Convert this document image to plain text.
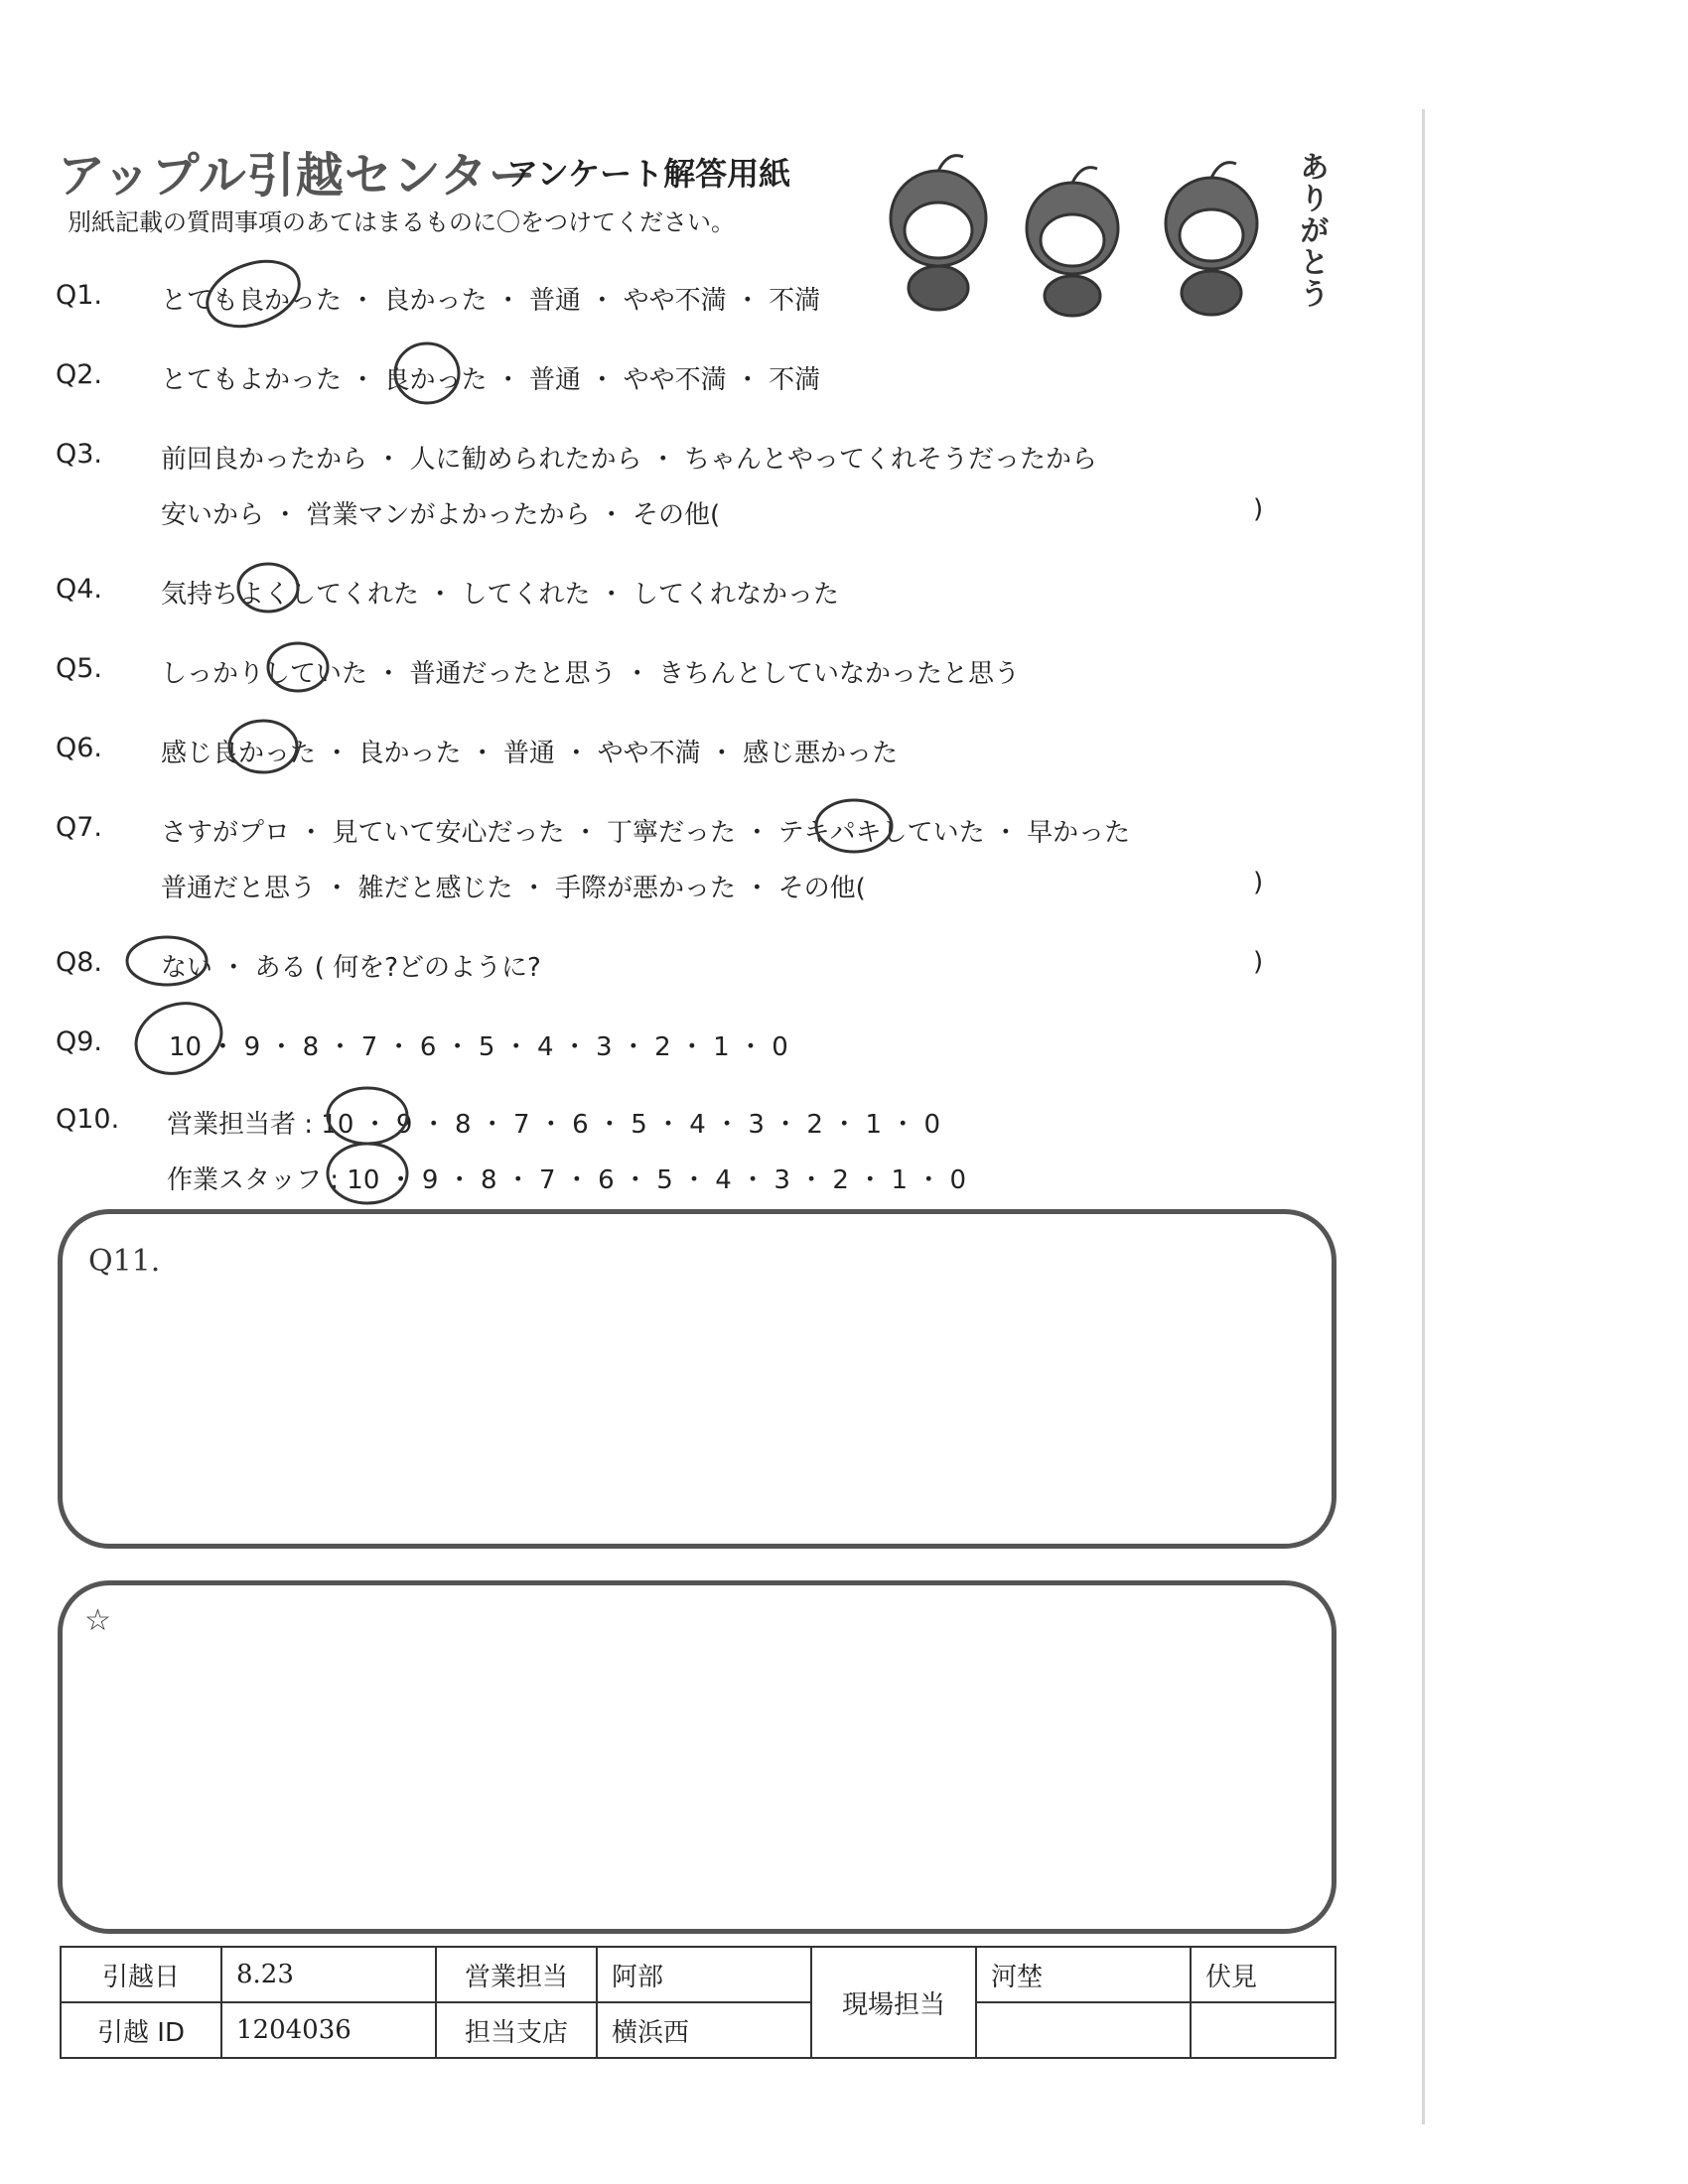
アップル引越センター
アンケート解答用紙
別紙記載の質問事項のあてはまるものに〇をつけてください。	ありがとう
Q1. とても良かった ・ 良かった ・ 普通 ・ やや不満 ・ 不満
Q2. とてもよかった ・ 良かった ・ 普通 ・ やや不満 ・ 不満
Q3. 前回良かったから ・ 人に勧められたから ・ ちゃんとやってくれそうだったから
安いから ・ 営業マンがよかったから ・ その他(	)
Q4. 気持ちよくしてくれた ・ してくれた ・ してくれなかった
Q5. しっかりしていた ・ 普通だったと思う ・ きちんとしていなかったと思う
Q6. 感じ良かった ・ 良かった ・ 普通 ・ やや不満 ・ 感じ悪かった
Q7. さすがプロ ・ 見ていて安心だった ・ 丁寧だった ・ テキパキしていた ・ 早かった
普通だと思う ・ 雑だと感じた ・ 手際が悪かった ・ その他(	)
Q8. ない ・ ある ( 何を?どのように?	)
Q9.	10 ・ 9 ・ 8 ・ 7 ・ 6 ・ 5 ・ 4 ・ 3 ・ 2 ・ 1 ・ 0
Q10. 営業担当者 : 10 ・ 9 ・ 8 ・ 7 ・ 6 ・ 5 ・ 4 ・ 3 ・ 2 ・ 1 ・ 0
作業スタッフ : 10 ・ 9 ・ 8 ・ 7 ・ 6 ・ 5 ・ 4 ・ 3 ・ 2 ・ 1 ・ 0
Q11.
☆
引越日	8.23	営業担当	阿部	現場担当	河埜	伏見
引越 ID	1204036	担当支店	横浜西			
